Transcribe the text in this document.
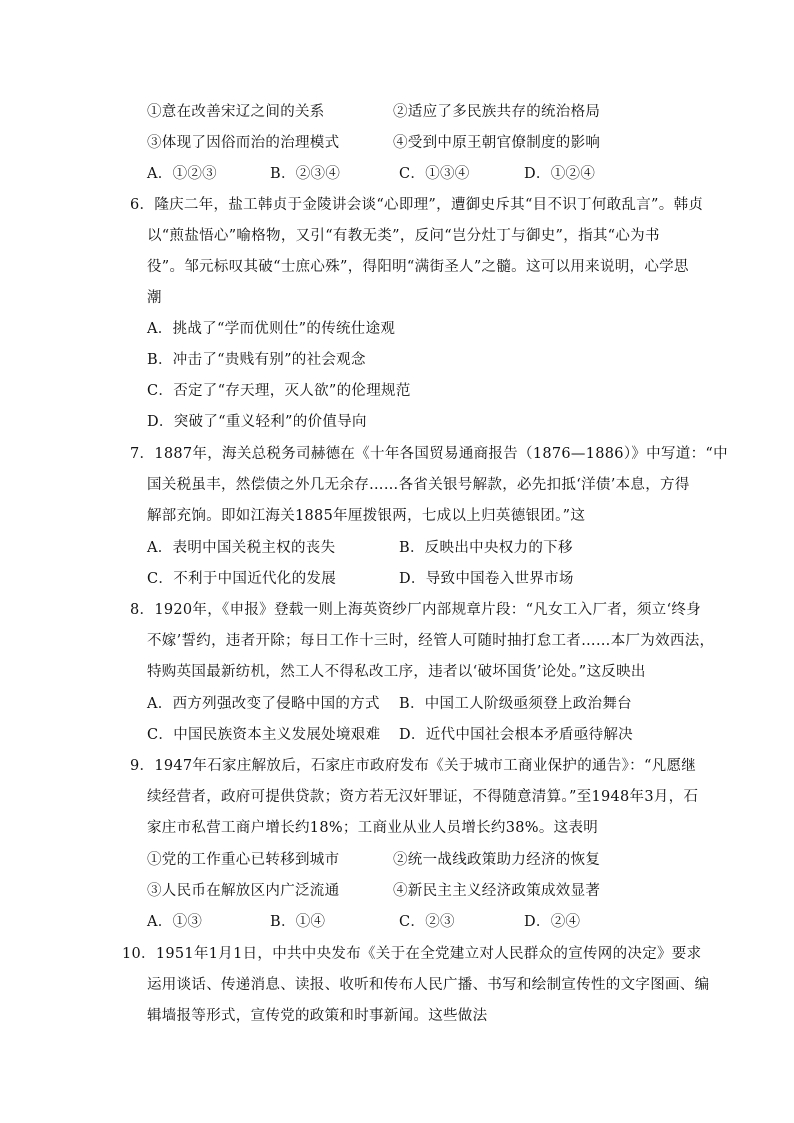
①意在改善宋辽之间的关系	②适应了多民族共存的统治格局
③体现了因俗而治的治理模式	④受到中原王朝官僚制度的影响
A．①②③	B．②③④	C．①③④	D．①②④
6．隆庆二年，盐工韩贞于金陵讲会谈“心即理”，遭御史斥其“目不识丁何敢乱言”。韩贞
以“煎盐悟心”喻格物，又引“有教无类”，反问“岂分灶丁与御史”，指其“心为书
役”。邹元标叹其破“士庶心殊”，得阳明“满街圣人”之髓。这可以用来说明，心学思
潮
A．挑战了“学而优则仕”的传统仕途观
B．冲击了“贵贱有别”的社会观念
C．否定了“存天理，灭人欲”的伦理规范
D．突破了“重义轻利”的价值导向
7．1887年，海关总税务司赫德在《十年各国贸易通商报告（1876—1886）》中写道：“中
国关税虽丰，然偿债之外几无余存……各省关银号解款，必先扣抵‘洋债’本息，方得
解部充饷。即如江海关1885年厘拨银两，七成以上归英德银团。”这
A．表明中国关税主权的丧失	B．反映出中央权力的下移
C．不利于中国近代化的发展	D．导致中国卷入世界市场
8．1920年，《申报》登载一则上海英资纱厂内部规章片段：“凡女工入厂者，须立‘终身
不嫁’誓约，违者开除；每日工作十三时，经管人可随时抽打怠工者……本厂为效西法，
特购英国最新纺机，然工人不得私改工序，违者以‘破坏国货’论处。”这反映出
A．西方列强改变了侵略中国的方式 B．中国工人阶级亟须登上政治舞台
C．中国民族资本主义发展处境艰难 D．近代中国社会根本矛盾亟待解决
9．1947年石家庄解放后，石家庄市政府发布《关于城市工商业保护的通告》：“凡愿继
续经营者，政府可提供贷款；资方若无汉奸罪证，不得随意清算。”至1948年3月，石
家庄市私营工商户增长约18%；工商业从业人员增长约38%。这表明
①党的工作重心已转移到城市	②统一战线政策助力经济的恢复
③人民币在解放区内广泛流通	④新民主主义经济政策成效显著
A．①③	B．①④	C．②③	D．②④
10．1951年1月1日，中共中央发布《关于在全党建立对人民群众的宣传网的决定》要求
运用谈话、传递消息、读报、收听和传布人民广播、书写和绘制宣传性的文字图画、编
辑墙报等形式，宣传党的政策和时事新闻。这些做法
